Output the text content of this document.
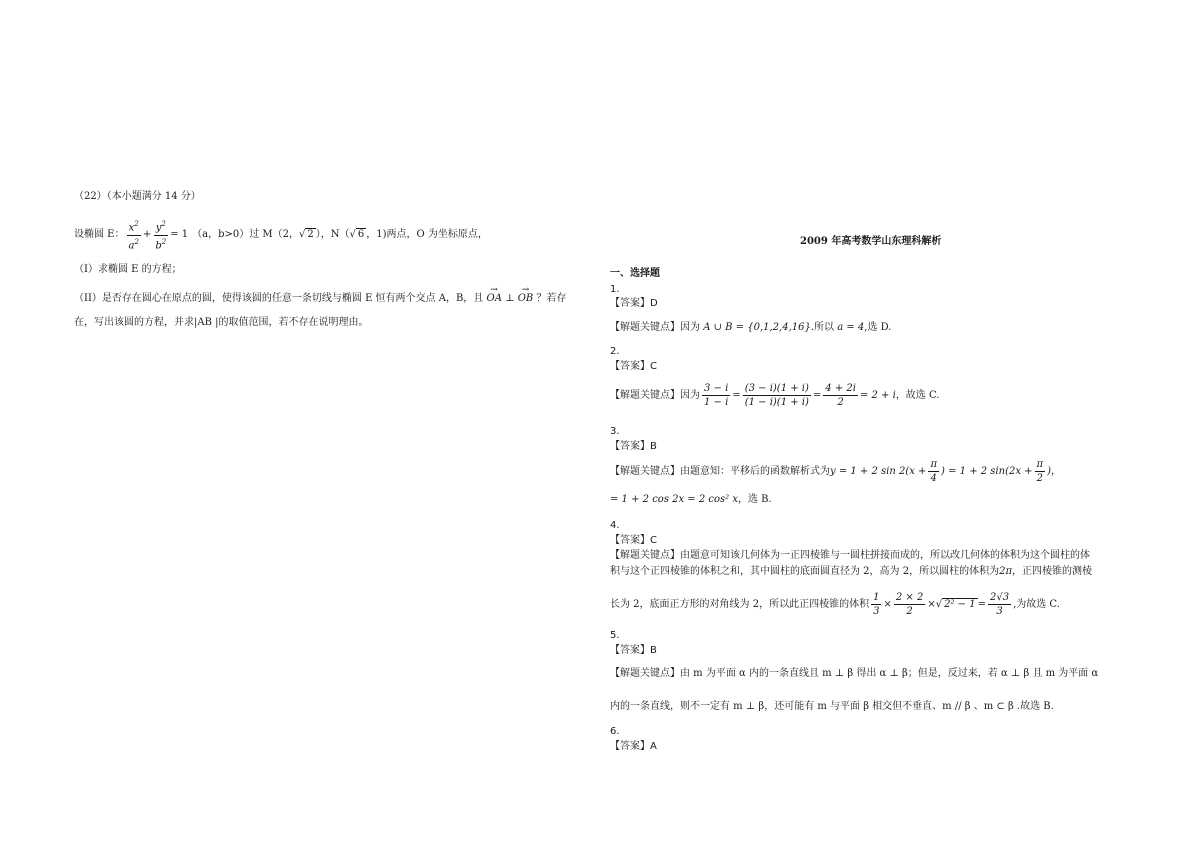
（22）（本小题满分 14 分）
设椭圆 E： $\frac{x^2}{a^2} + \frac{y^2}{b^2} = 1$ （a，b>0）过 M（2， √ 2 ），N（ √ 6 ，1)两点，O 为坐标原点，
（I）求椭圆 E 的方程；
（II）是否存在圆心在原点的圆，使得该圆的任意一条切线与椭圆 E 恒有两个交点 A，B，且 → OA ⊥ → OB ？若存
在，写出该圆的方程，并求|AB |的取值范围，若不存在说明理由。
2009 年高考数学山东理科解析
一、选择题
1.
【答案】D
【解题关键点】因为 A ∪ B = {0,1,2,4,16}.所以 a = 4,选 D.
2.
【答案】C
【解题关键点】 因为 $\frac{3 - i}{1 - i} = \frac{(3 - i)(1 + i)}{(1 - i)(1 + i)} = \frac{4 + 2i}{2} = 2 + i$ ，故选 C.
3.
【答案】B
【解题关键点】 由题意知：平移后的函数解析式为 y = 1 + 2 $\sin 2(x + \frac{\pi}{4}$ ) = 1 + 2 $\sin(2x + \frac{\pi}{2}$ ) ，
= 1 + 2 cos 2x = 2 cos² x，选 B.
4.
【答案】C
【解题关键点】由题意可知该几何体为一正四棱锥与一圆柱拼接而成的，所以改几何体的体积为这个圆柱的体
积与这个正四棱锥的体积之和，其中圆柱的底面圆直径为 2，高为 2，所以圆柱的体积为2π，正四棱锥的测棱
长为 2，底面正方形的对角线为 2，所以此正四棱锥的体积 $\frac{1}{3} \times \frac{2 \times 2}{2}$ × √ $2^2 - 1 = \frac{2√3}{3}$ ,为故选 C.
5.
【答案】B
【解题关键点】由 m 为平面 α 内的一条直线且 m ⊥ β 得出 α ⊥ β；但是，反过来，若 α ⊥ β 且 m 为平面 α
内的一条直线，则不一定有 m ⊥ β，还可能有 m 与平面 β 相交但不垂直、m // β 、m ⊂ β .故选 B.
6.
【答案】A
